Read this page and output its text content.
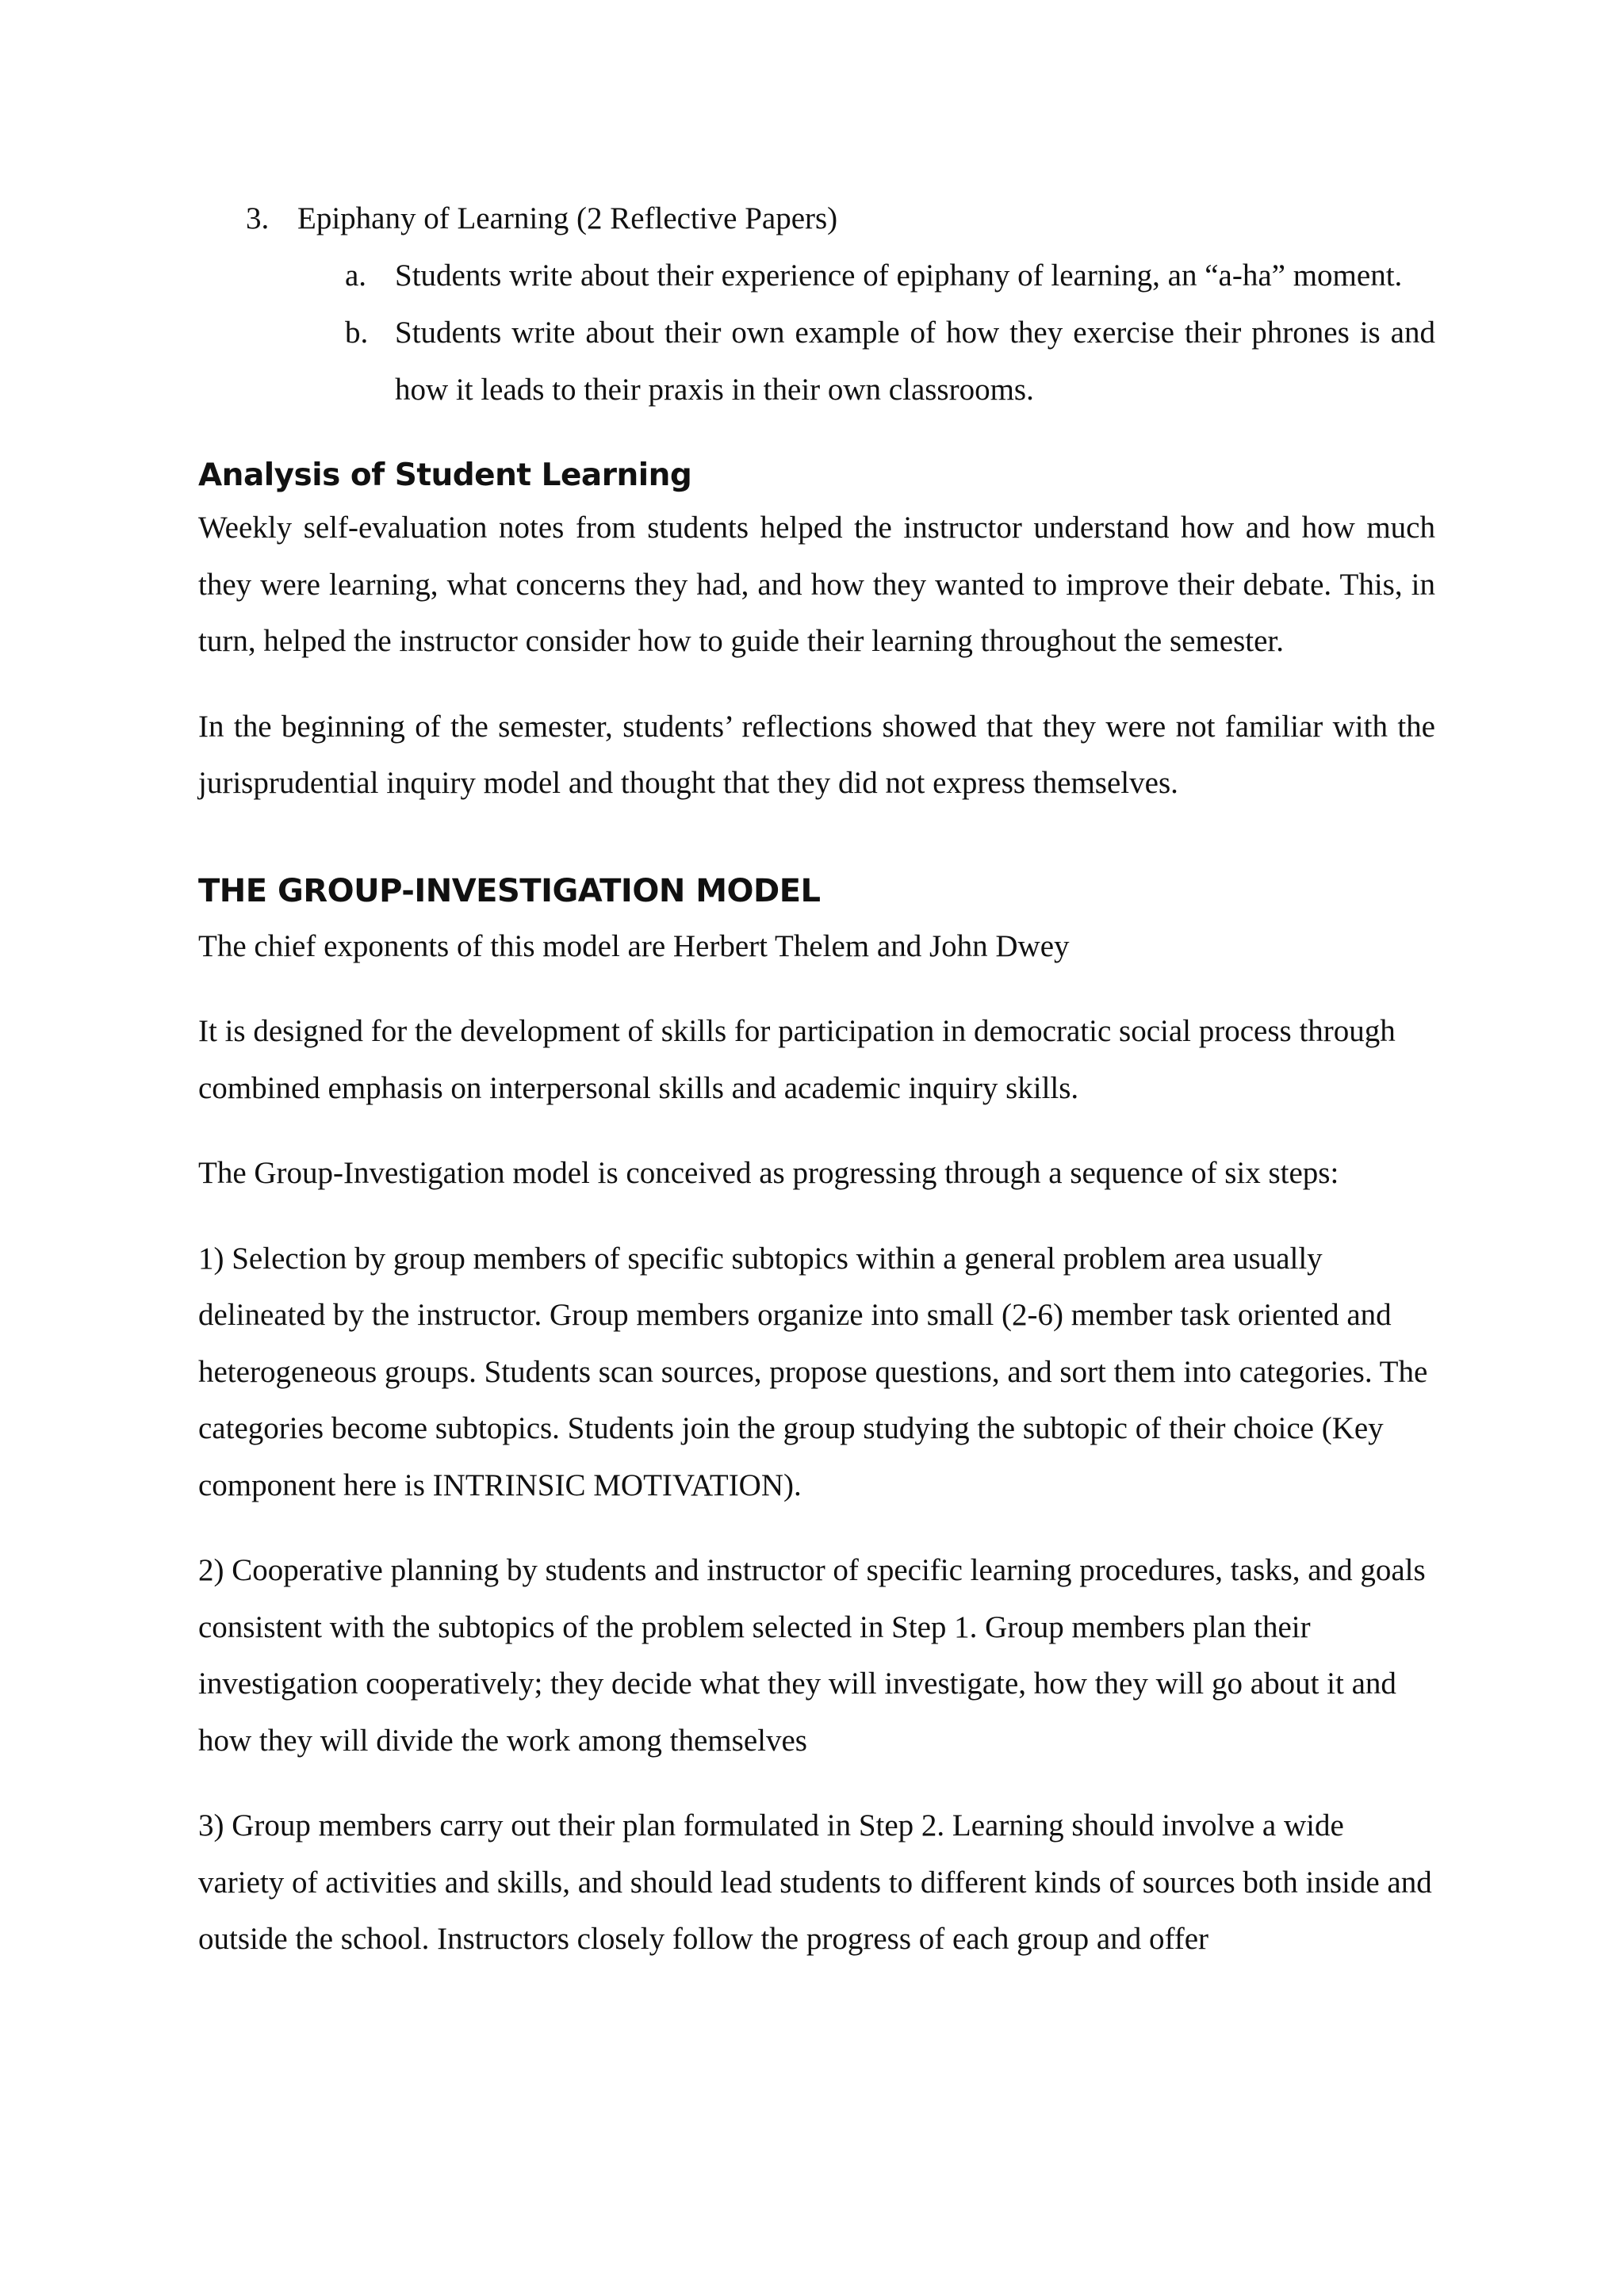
3. Epiphany of Learning (2 Reflective Papers)
a. Students write about their experience of epiphany of learning, an “a-ha” moment.
b. Students write about their own example of how they exercise their phrones is and how it leads to their praxis in their own classrooms.
Analysis of Student Learning

Weekly self-evaluation notes from students helped the instructor understand how and how much they were learning, what concerns they had, and how they wanted to improve their debate. This, in turn, helped the instructor consider how to guide their learning throughout the semester.

In the beginning of the semester, students’ reflections showed that they were not familiar with the jurisprudential inquiry model and thought that they did not express themselves.

THE GROUP-INVESTIGATION MODEL

The chief exponents of this model are Herbert Thelem and John Dwey

It is designed for the development of skills for participation in democratic social process through combined emphasis on interpersonal skills and academic inquiry skills.

The Group-Investigation model is conceived as progressing through a sequence of six steps:

1) Selection by group members of specific subtopics within a general problem area usually delineated by the instructor. Group members organize into small (2-6) member task oriented and heterogeneous groups. Students scan sources, propose questions, and sort them into categories. The categories become subtopics. Students join the group studying the subtopic of their choice (Key component here is INTRINSIC MOTIVATION).

2) Cooperative planning by students and instructor of specific learning procedures, tasks, and goals consistent with the subtopics of the problem selected in Step 1. Group members plan their investigation cooperatively; they decide what they will investigate, how they will go about it and how they will divide the work among themselves

3) Group members carry out their plan formulated in Step 2. Learning should involve a wide variety of activities and skills, and should lead students to different kinds of sources both inside and outside the school. Instructors closely follow the progress of each group and offer
